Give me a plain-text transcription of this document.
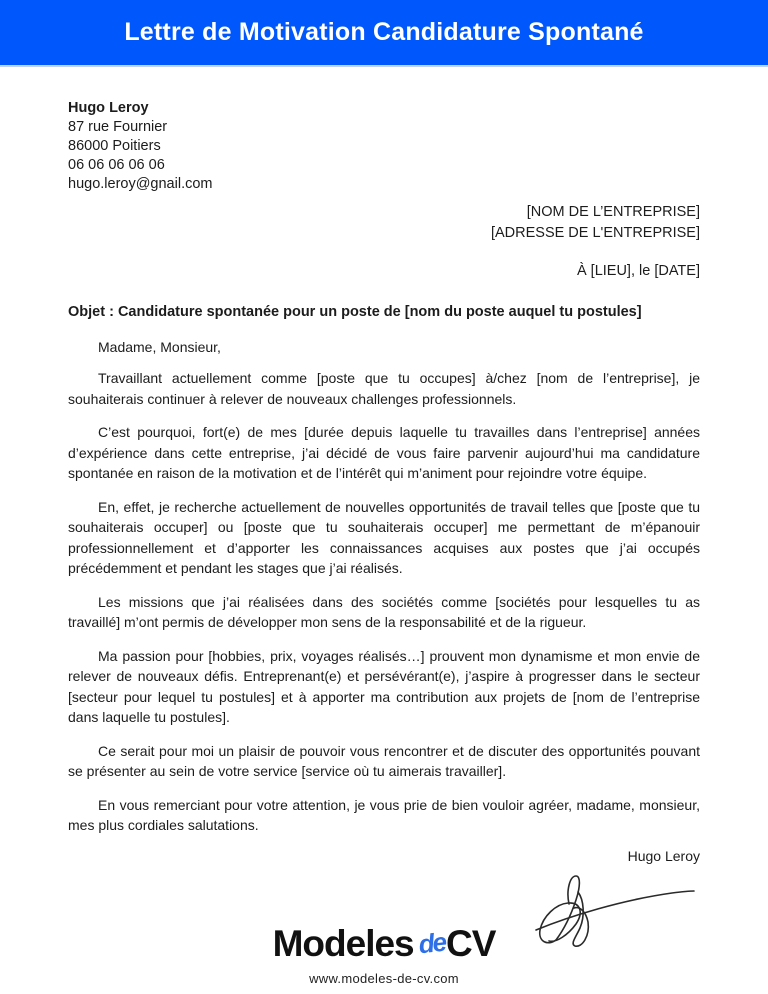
Lettre de Motivation Candidature Spontané
Hugo Leroy
87 rue Fournier
86000 Poitiers
06 06 06 06 06
hugo.leroy@gnail.com
[NOM DE L’ENTREPRISE]
[ADRESSE DE L'ENTREPRISE]
À [LIEU], le [DATE]
Objet : Candidature spontanée pour un poste de [nom du poste auquel tu postules]
Madame, Monsieur,

Travaillant actuellement comme [poste que tu occupes] à/chez [nom de l’entreprise], je souhaiterais continuer à relever de nouveaux challenges professionnels.

C’est pourquoi, fort(e) de mes [durée depuis laquelle tu travailles dans l’entreprise] années d’expérience dans cette entreprise, j’ai décidé de vous faire parvenir aujourd’hui ma candidature spontanée en raison de la motivation et de l’intérêt qui m’animent pour rejoindre votre équipe.

En, effet, je recherche actuellement de nouvelles opportunités de travail telles que [poste que tu souhaiterais occuper] ou [poste que tu souhaiterais occuper] me permettant de m’épanouir professionnellement et d’apporter les connaissances acquises aux postes que j’ai occupés précédemment et pendant les stages que j’ai réalisés.

Les missions que j’ai réalisées dans des sociétés comme [sociétés pour lesquelles tu as travaillé] m’ont permis de développer mon sens de la responsabilité et de la rigueur.

Ma passion pour [hobbies, prix, voyages réalisés…] prouvent mon dynamisme et mon envie de relever de nouveaux défis. Entreprenant(e) et persévérant(e), j’aspire à progresser dans le secteur [secteur pour lequel tu postules] et à apporter ma contribution aux projets de [nom de l’entreprise dans laquelle tu postules].

Ce serait pour moi un plaisir de pouvoir vous rencontrer et de discuter des opportunités pouvant se présenter au sein de votre service [service où tu aimerais travailler].

En vous remerciant pour votre attention, je vous prie de bien vouloir agréer, madame, monsieur, mes plus cordiales salutations.

Hugo Leroy
Modeles de CV
www.modeles-de-cv.com
